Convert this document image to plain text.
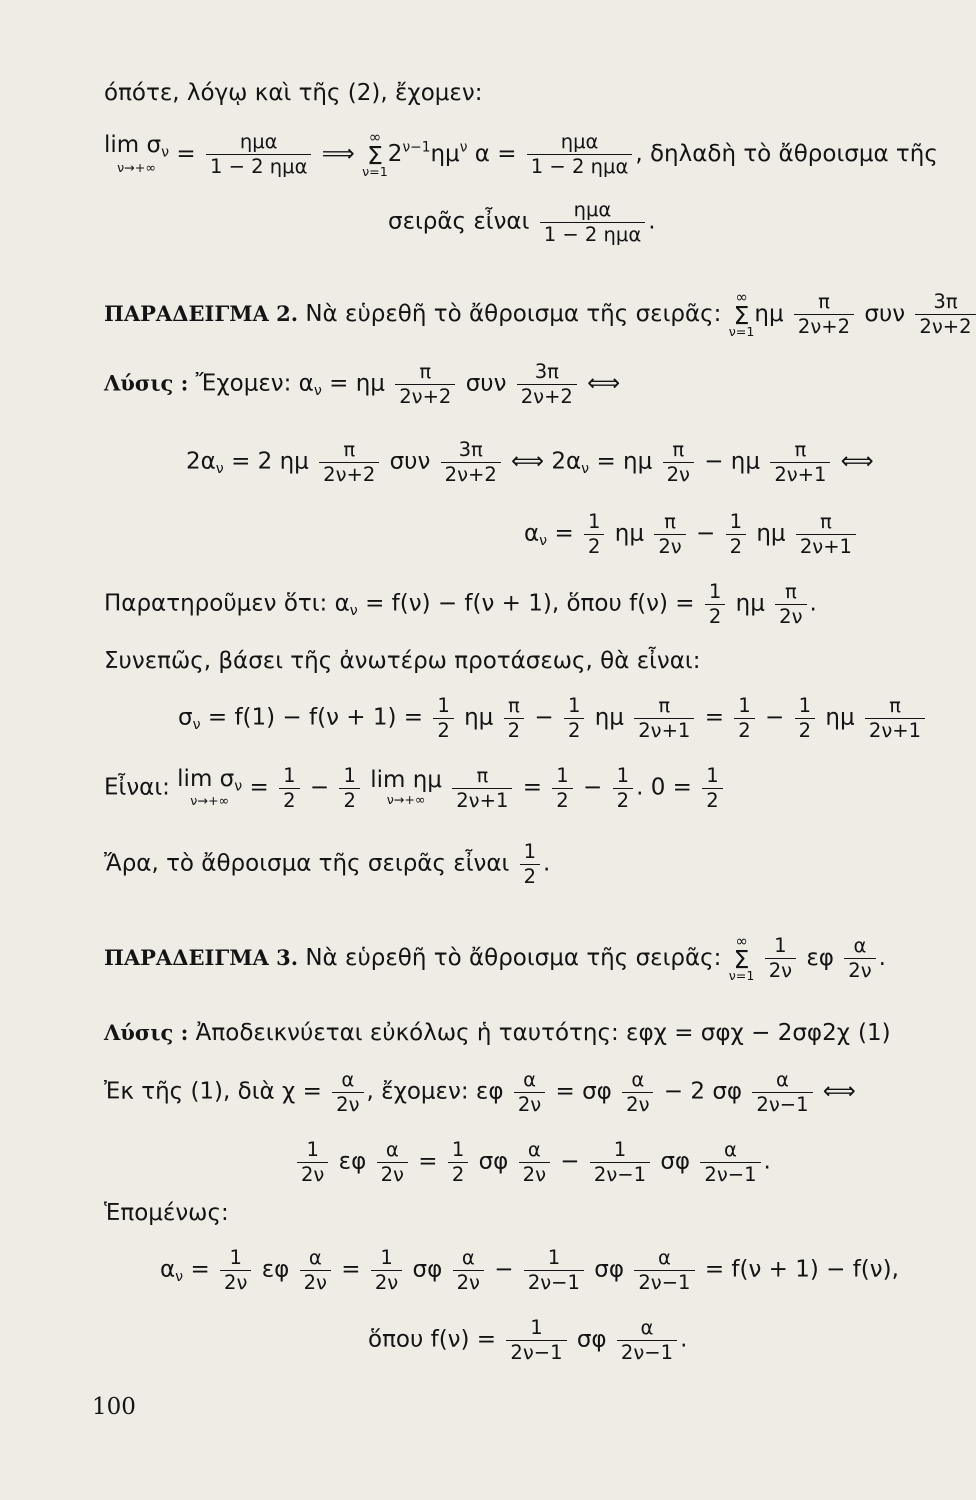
όπότε, λόγῳ καὶ τῆς (2), ἔχομεν:
$\lim \sigma_\nu$
ν→+∞
=	ημα
1 − 2 ημα ⟹
∞
Σ
ν=1
$2^{\nu-1}\eta\mu^\nu$ α =	ημα
1 − 2 ημα , δηλαδὴ τὸ ἄθροισμα τῆς
σειρᾶς εἶναι	ημα
1 − 2 ημα .
ΠΑΡΑΔΕΙΓΜΑ 2. Νὰ εὑρεθῆ τὸ ἄθροισμα τῆς σειρᾶς:
∞
Σ
ν=1
ημ $\frac{\pi}{2\nu+2}$ συν $\frac{3\pi}{2\nu+2}$
Λύσις : Ἔχομεν: $\alpha_\nu = \eta\mu \frac{\pi}{2\nu+2}$ συν $\frac{3\pi}{2\nu+2}$ ⟺
$2\alpha_\nu = 2$ ημ $\frac{\pi}{2\nu+2}$ συν $\frac{3\pi}{2\nu+2}$ ⟺ $2\alpha_\nu = \eta\mu \frac{\pi}{2\nu} - \eta\mu \frac{\pi}{2\nu+1}$ ⟺
$\alpha_\nu = \frac{1}{2}$ ημ $\frac{\pi}{2\nu} - \frac{1}{2}$ ημ $\frac{\pi}{2\nu+1}$
Παρατηροῦμεν ὅτι: $\alpha_\nu = f(\nu) - f(\nu + 1)$, ὅπου $f(\nu) = \frac{1}{2}$ ημ $\frac{\pi}{2\nu}$ .
Συνεπῶς, βάσει τῆς ἀνωτέρω προτάσεως, θὰ εἶναι:
$\sigma_\nu = f(1) - f(\nu + 1) = \frac{1}{2}$ ημ $\frac{\pi}{2} - \frac{1}{2}$ ημ $\frac{\pi}{2\nu+1} = \frac{1}{2} - \frac{1}{2}$ ημ $\frac{\pi}{2\nu+1}$
Εἶναι: $\lim \sigma_\nu$
ν→+∞
= $\frac{1}{2} - \frac{1}{2}$
lim ημ
ν→+∞
	$\frac{\pi}{2\nu+1} = \frac{1}{2} - \frac{1}{2}$ . $0 = \frac{1}{2}$
Ἄρα, τὸ ἄθροισμα τῆς σειρᾶς εἶναι $\frac{1}{2}$ .
ΠΑΡΑΔΕΙΓΜΑ 3. Νὰ εὑρεθῆ τὸ ἄθροισμα τῆς σειρᾶς:
∞
Σ
ν=1
$\frac{1}{2\nu}$ εφ $\frac{\alpha}{2\nu}$ .
Λύσις : Ἀποδεικνύεται εὐκόλως ἡ ταυτότης: εφχ = σφχ − 2σφ2χ (1)
Ἐκ τῆς (1), διὰ $\chi = \frac{\alpha}{2\nu}$ , ἔχομεν: εφ $\frac{\alpha}{2\nu} = \sigma\varphi \frac{\alpha}{2\nu} - 2$ σφ $\frac{\alpha}{2\nu-1}$ ⟺
$\frac{1}{2\nu}$ εφ $\frac{\alpha}{2\nu} = \frac{1}{2}$ σφ $\frac{\alpha}{2\nu} - \frac{1}{2\nu-1}$ σφ $\frac{\alpha}{2\nu-1}$ .
Ἑπομένως:
$\alpha_\nu = \frac{1}{2\nu}$ εφ $\frac{\alpha}{2\nu} = \frac{1}{2\nu}$ σφ $\frac{\alpha}{2\nu} - \frac{1}{2\nu-1}$ σφ $\frac{\alpha}{2\nu-1} = f(\nu + 1) - f(\nu)$,
ὅπου $f(\nu) = \frac{1}{2\nu-1}$ σφ $\frac{\alpha}{2\nu-1}$ .
100
